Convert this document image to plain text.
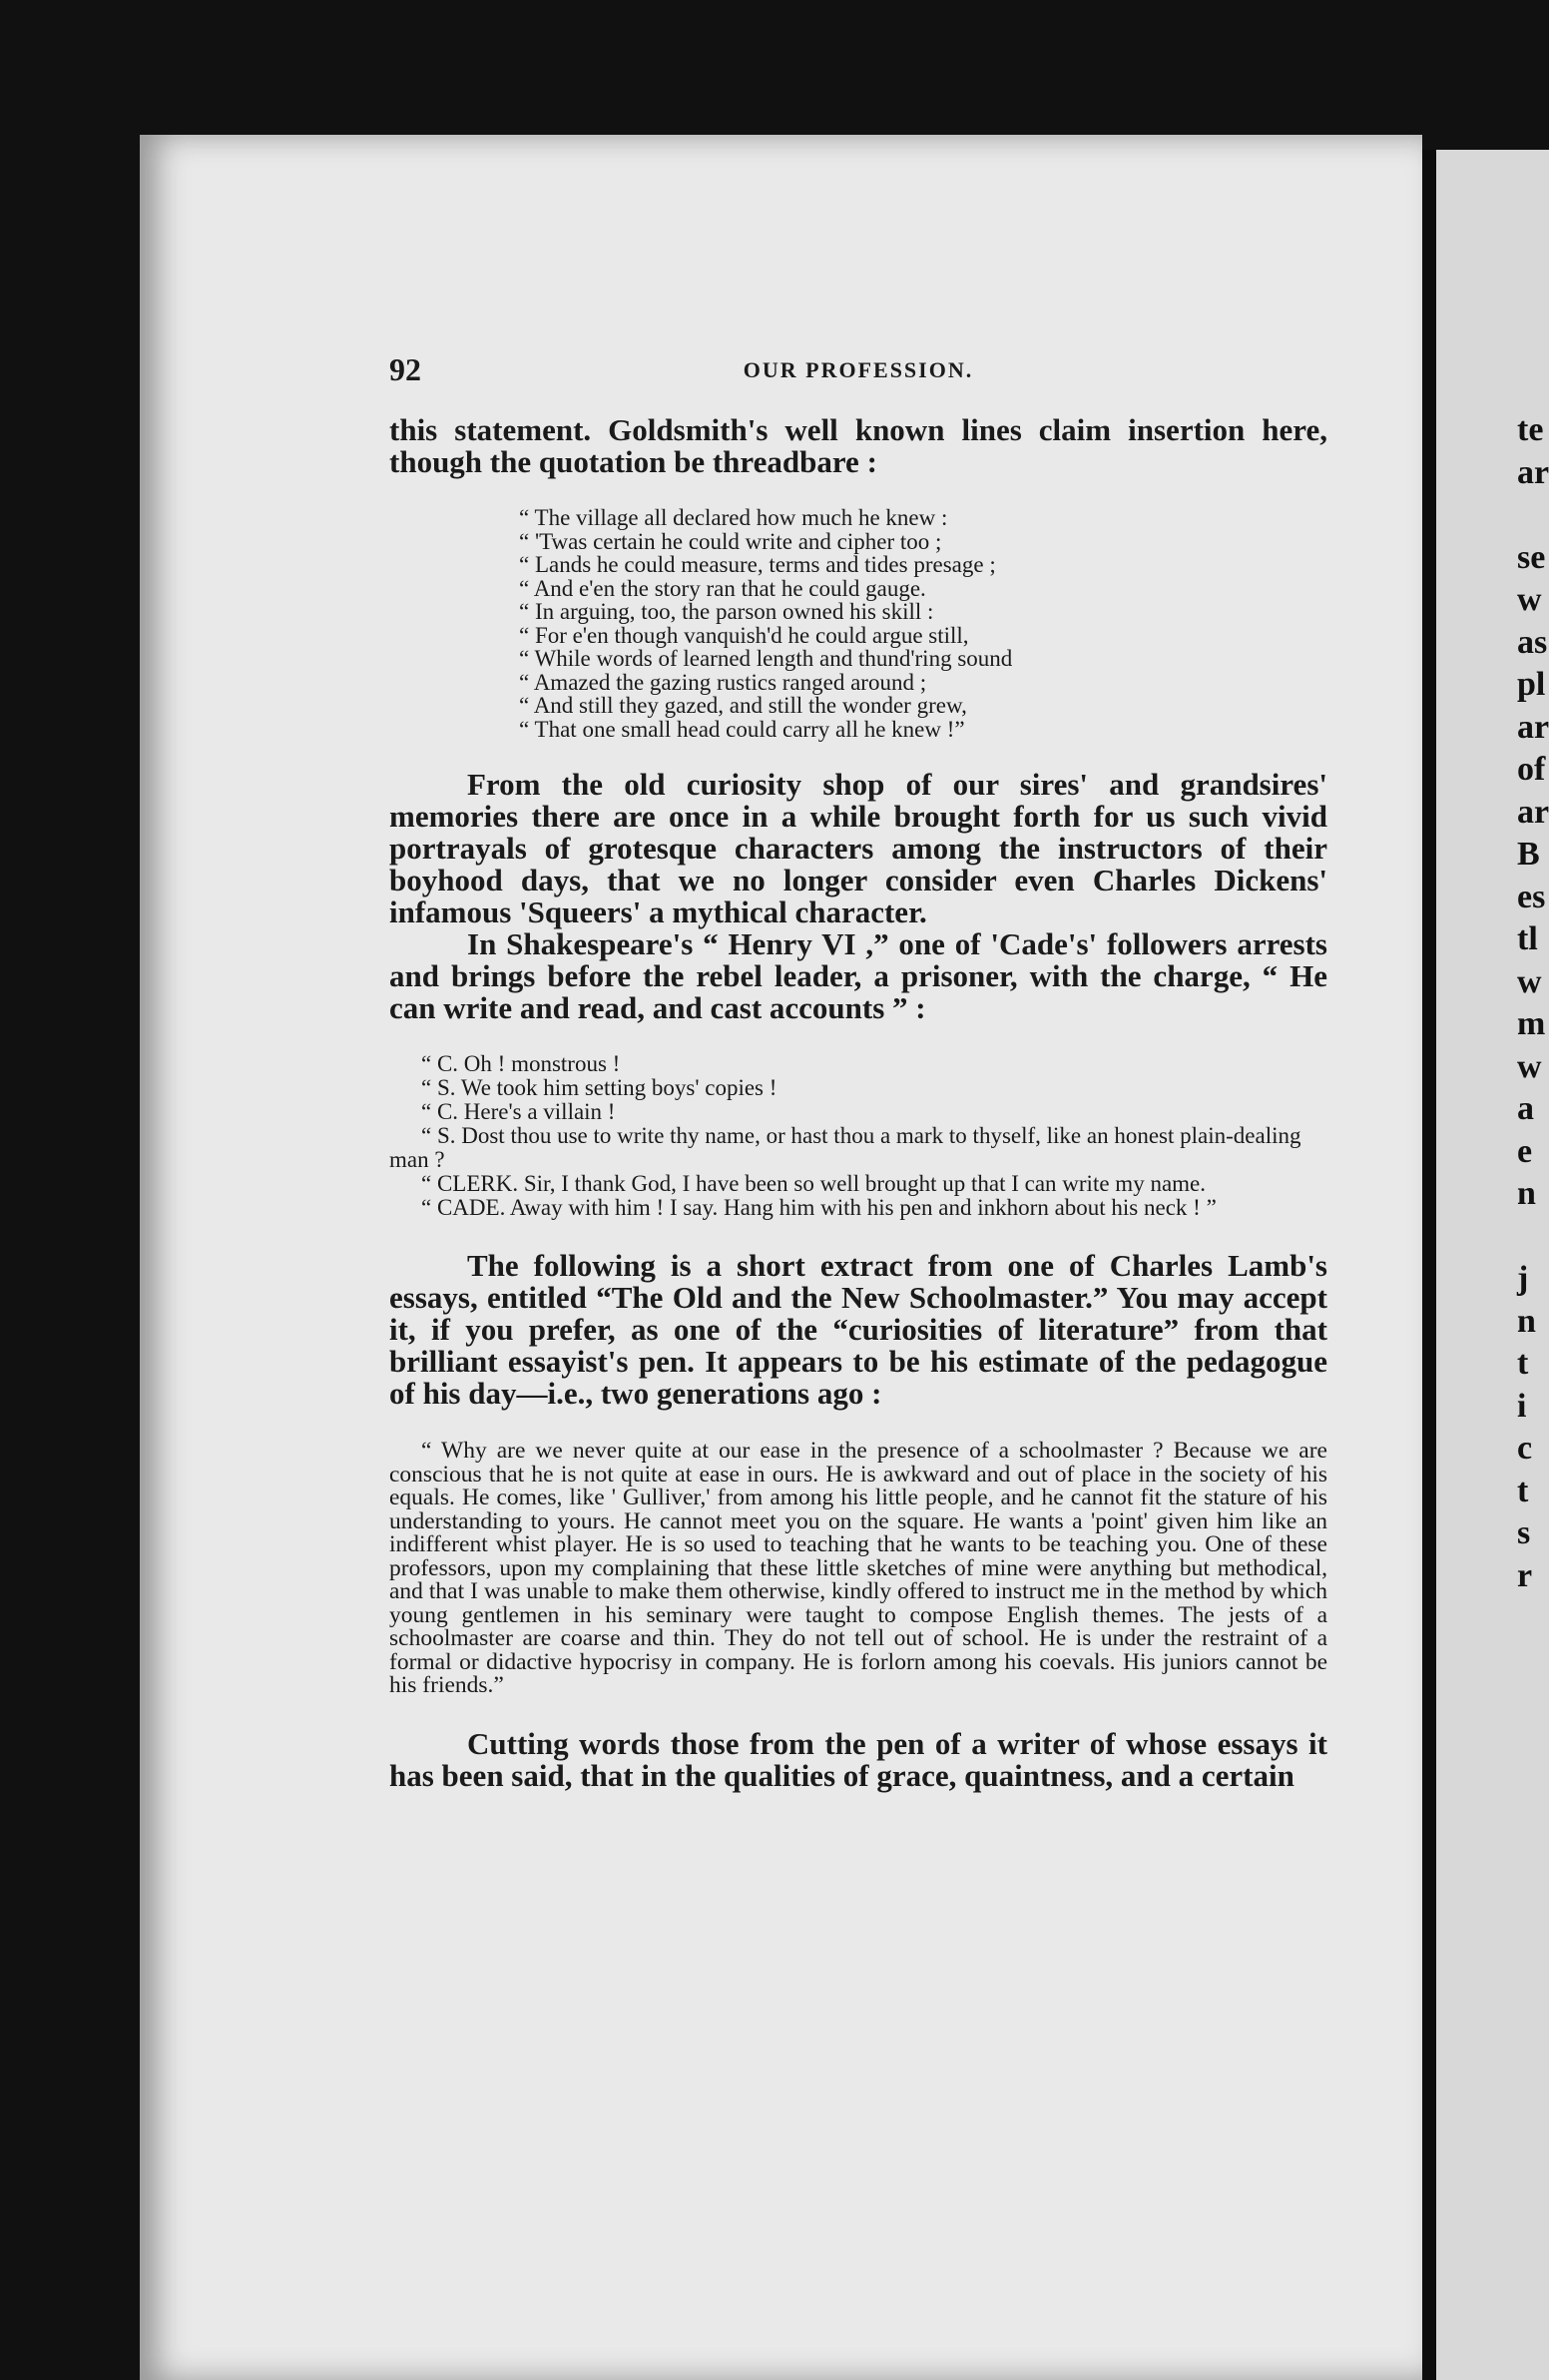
te
ar
se
w
as
pl
ar
of
ar
B
es
tl
w
m
w
a
e
n
j
n
t
i
c
t
s
r
92	OUR PROFESSION.

this statement. Goldsmith's well known lines claim insertion here, though the quotation be threadbare :

“ The village all declared how much he knew :
“ 'Twas certain he could write and cipher too ;
“ Lands he could measure, terms and tides presage ;
“ And e'en the story ran that he could gauge.
“ In arguing, too, the parson owned his skill :
“ For e'en though vanquish'd he could argue still,
“ While words of learned length and thund'ring sound
“ Amazed the gazing rustics ranged around ;
“ And still they gazed, and still the wonder grew,
“ That one small head could carry all he knew !”

From the old curiosity shop of our sires' and grandsires' memories there are once in a while brought forth for us such vivid portrayals of grotesque characters among the instructors of their boyhood days, that we no longer consider even Charles Dickens' infamous 'Squeers' a mythical character.

In Shakespeare's “ Henry VI ,” one of 'Cade's' followers arrests and brings before the rebel leader, a prisoner, with the charge, “ He can write and read, and cast accounts ” :

“ C. Oh ! monstrous !
“ S. We took him setting boys' copies !
“ C. Here's a villain !
“ S. Dost thou use to write thy name, or hast thou a mark to thyself, like an honest plain-dealing man ?
“ CLERK. Sir, I thank God, I have been so well brought up that I can write my name.
“ CADE. Away with him ! I say. Hang him with his pen and inkhorn about his neck ! ”

The following is a short extract from one of Charles Lamb's essays, entitled “The Old and the New Schoolmaster.” You may accept it, if you prefer, as one of the “curiosities of literature” from that brilliant essayist's pen. It appears to be his estimate of the pedagogue of his day—i.e., two generations ago :

“ Why are we never quite at our ease in the presence of a schoolmaster ? Because we are conscious that he is not quite at ease in ours. He is awkward and out of place in the society of his equals. He comes, like ' Gulliver,' from among his little people, and he cannot fit the stature of his understanding to yours. He cannot meet you on the square. He wants a 'point' given him like an indifferent whist player. He is so used to teaching that he wants to be teaching you. One of these professors, upon my complaining that these little sketches of mine were anything but methodical, and that I was unable to make them otherwise, kindly offered to instruct me in the method by which young gentlemen in his seminary were taught to compose English themes. The jests of a schoolmaster are coarse and thin. They do not tell out of school. He is under the restraint of a formal or didactive hypocrisy in company. He is forlorn among his coevals. His juniors cannot be his friends.”

Cutting words those from the pen of a writer of whose essays it has been said, that in the qualities of grace, quaintness, and a certain
